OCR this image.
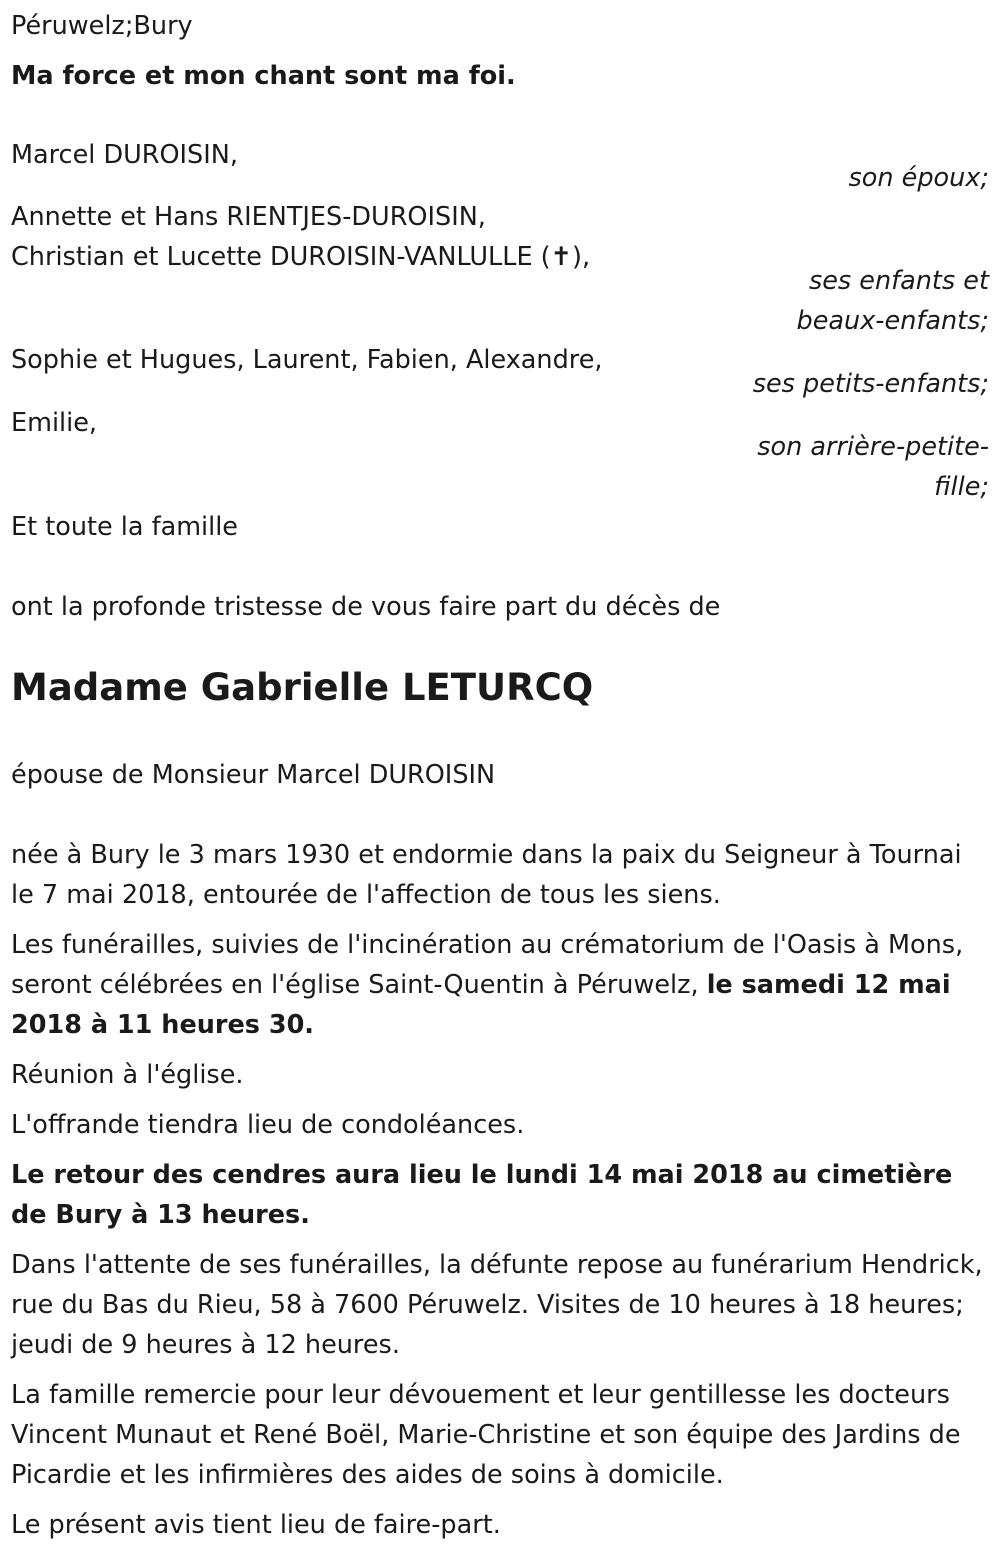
Péruwelz;Bury

Ma force et mon chant sont ma foi.

Marcel DUROISIN,

son époux;

Annette et Hans RIENTJES-DUROISIN,

Christian et Lucette DUROISIN-VANLULLE (✝),

ses enfants et

beaux-enfants;

Sophie et Hugues, Laurent, Fabien, Alexandre,

ses petits-enfants;

Emilie,

son arrière-petite-

fille;

Et toute la famille

ont la profonde tristesse de vous faire part du décès de

Madame Gabrielle LETURCQ

épouse de Monsieur Marcel DUROISIN

née à Bury le 3 mars 1930 et endormie dans la paix du Seigneur à Tournai le 7 mai 2018, entourée de l'affection de tous les siens.

Les funérailles, suivies de l'incinération au crématorium de l'Oasis à Mons, seront célébrées en l'église Saint-Quentin à Péruwelz, le samedi 12 mai 2018 à 11 heures 30.

Réunion à l'église.

L'offrande tiendra lieu de condoléances.

Le retour des cendres aura lieu le lundi 14 mai 2018 au cimetière de Bury à 13 heures.

Dans l'attente de ses funérailles, la défunte repose au funérarium Hendrick, rue du Bas du Rieu, 58 à 7600 Péruwelz. Visites de 10 heures à 18 heures; jeudi de 9 heures à 12 heures.

La famille remercie pour leur dévouement et leur gentillesse les docteurs Vincent Munaut et René Boël, Marie-Christine et son équipe des Jardins de Picardie et les infirmières des aides de soins à domicile.

Le présent avis tient lieu de faire-part.
